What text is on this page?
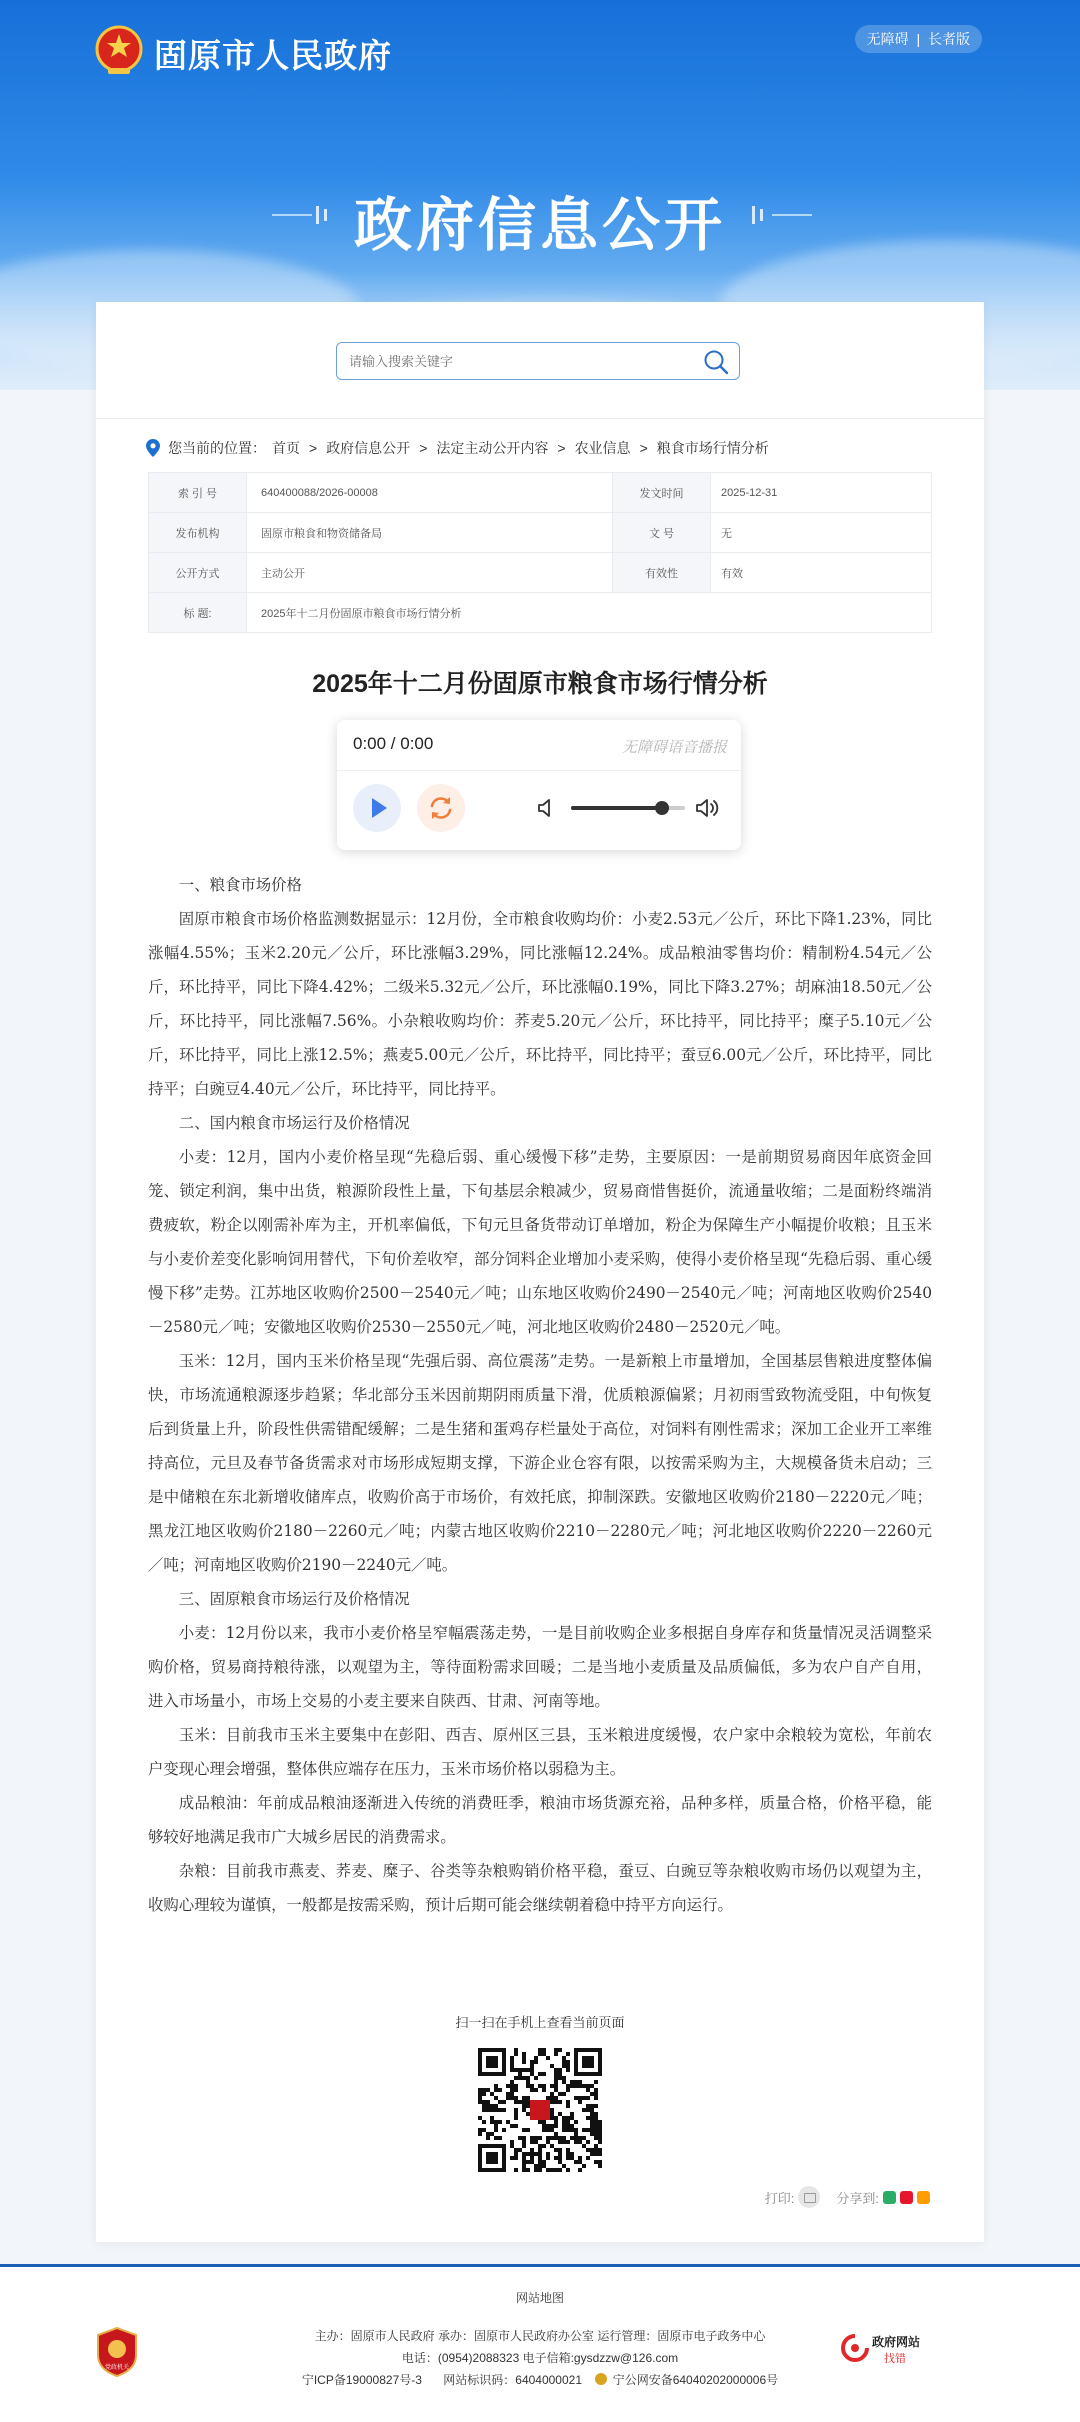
固原市人民政府	无障碍 | 长者版
政府信息公开
请输入搜索关键字
您当前的位置： 首页 > 政府信息公开 > 法定主动公开内容 > 农业信息 > 粮食市场行情分析
索 引 号	640400088/2026-00008	发文时间	2025-12-31
发布机构	固原市粮食和物资储备局	文 号	无
公开方式	主动公开	有效性	有效
标 题:	2025年十二月份固原市粮食市场行情分析		
2025年十二月份固原市粮食市场行情分析
0:00 / 0:00	无障碍语音播报

一、粮食市场价格

固原市粮食市场价格监测数据显示：12月份，全市粮食收购均价：小麦2.53元／公斤，环比下降1.23%，同比涨幅4.55%；玉米2.20元／公斤，环比涨幅3.29%，同比涨幅12.24%。成品粮油零售均价：精制粉4.54元／公斤，环比持平，同比下降4.42%；二级米5.32元／公斤，环比涨幅0.19%，同比下降3.27%；胡麻油18.50元／公斤，环比持平，同比涨幅7.56%。小杂粮收购均价：荞麦5.20元／公斤，环比持平，同比持平；糜子5.10元／公斤，环比持平，同比上涨12.5%；燕麦5.00元／公斤，环比持平，同比持平；蚕豆6.00元／公斤，环比持平，同比持平；白豌豆4.40元／公斤，环比持平，同比持平。

二、国内粮食市场运行及价格情况

小麦：12月，国内小麦价格呈现“先稳后弱、重心缓慢下移”走势，主要原因：一是前期贸易商因年底资金回笼、锁定利润，集中出货，粮源阶段性上量，下旬基层余粮减少，贸易商惜售挺价，流通量收缩；二是面粉终端消费疲软，粉企以刚需补库为主，开机率偏低，下旬元旦备货带动订单增加，粉企为保障生产小幅提价收粮；且玉米与小麦价差变化影响饲用替代，下旬价差收窄，部分饲料企业增加小麦采购，使得小麦价格呈现“先稳后弱、重心缓慢下移”走势。江苏地区收购价2500－2540元／吨；山东地区收购价2490－2540元／吨；河南地区收购价2540－2580元／吨；安徽地区收购价2530－2550元／吨，河北地区收购价2480－2520元／吨。

玉米：12月，国内玉米价格呈现“先强后弱、高位震荡”走势。一是新粮上市量增加，全国基层售粮进度整体偏快，市场流通粮源逐步趋紧；华北部分玉米因前期阴雨质量下滑，优质粮源偏紧；月初雨雪致物流受阻，中旬恢复后到货量上升，阶段性供需错配缓解；二是生猪和蛋鸡存栏量处于高位，对饲料有刚性需求；深加工企业开工率维持高位，元旦及春节备货需求对市场形成短期支撑，下游企业仓容有限，以按需采购为主，大规模备货未启动；三是中储粮在东北新增收储库点，收购价高于市场价，有效托底，抑制深跌。安徽地区收购价2180－2220元／吨；黑龙江地区收购价2180－2260元／吨；内蒙古地区收购价2210－2280元／吨；河北地区收购价2220－2260元／吨；河南地区收购价2190－2240元／吨。

三、固原粮食市场运行及价格情况

小麦：12月份以来，我市小麦价格呈窄幅震荡走势，一是目前收购企业多根据自身库存和货量情况灵活调整采购价格，贸易商持粮待涨，以观望为主，等待面粉需求回暖；二是当地小麦质量及品质偏低，多为农户自产自用，进入市场量小，市场上交易的小麦主要来自陕西、甘肃、河南等地。

玉米：目前我市玉米主要集中在彭阳、西吉、原州区三县，玉米粮进度缓慢，农户家中余粮较为宽松，年前农户变现心理会增强，整体供应端存在压力，玉米市场价格以弱稳为主。

成品粮油：年前成品粮油逐渐进入传统的消费旺季，粮油市场货源充裕，品种多样，质量合格，价格平稳，能够较好地满足我市广大城乡居民的消费需求。

杂粮：目前我市燕麦、荞麦、糜子、谷类等杂粮购销价格平稳，蚕豆、白豌豆等杂粮收购市场仍以观望为主，收购心理较为谨慎，一般都是按需采购，预计后期可能会继续朝着稳中持平方向运行。

扫一扫在手机上查看当前页面
打印:	分享到:
网站地图
党政机关
主办：固原市人民政府 承办：固原市人民政府办公室 运行管理：固原市电子政务中心
电话：(0954)2088323 电子信箱:gysdzzw@126.com
宁ICP备19000827号-3 网站标识码：6404000021	宁公网安备64040202000006号
政府网站
找错
